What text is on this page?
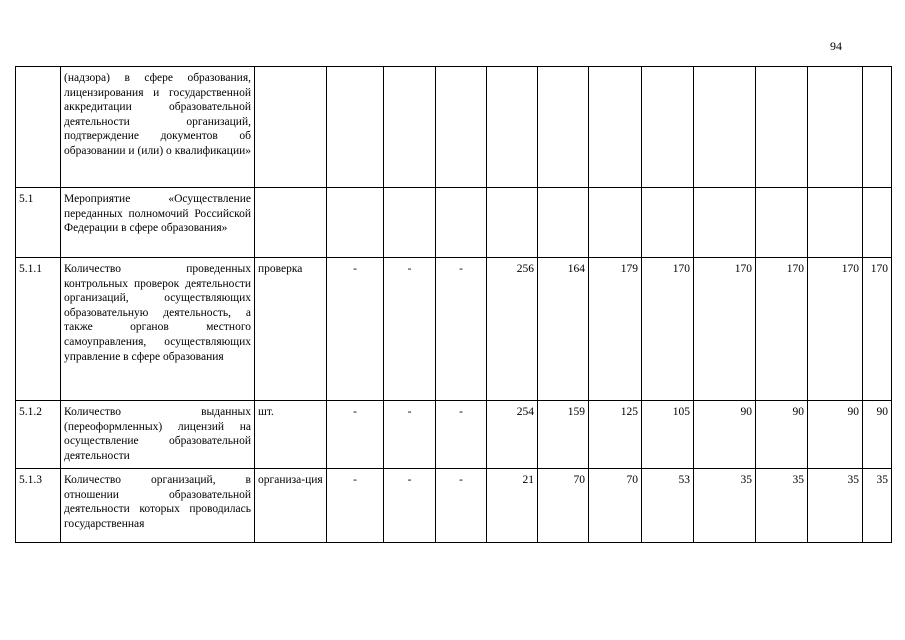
94
	(надзора) в сфере образования, лицензирования и государственной аккредитации образовательной деятельности организаций, подтверждение документов об образовании и (или) о квалификации»												
5.1	Мероприятие «Осуществление переданных полномочий Российской Федерации в сфере образования»												
5.1.1	Количество проведенных контрольных проверок деятельности организаций, осуществляющих образовательную деятельность, а также органов местного самоуправления, осуществляющих управление в сфере образования	проверка	-	-	-	256	164	179	170	170	170	170	170
5.1.2	Количество выданных (переоформленных) лицензий на осуществление образовательной деятельности	шт.	-	-	-	254	159	125	105	90	90	90	90
5.1.3	Количество организаций, в отношении образовательной деятельности которых проводилась государственная	организа-ция	-	-	-	21	70	70	53	35	35	35	35
